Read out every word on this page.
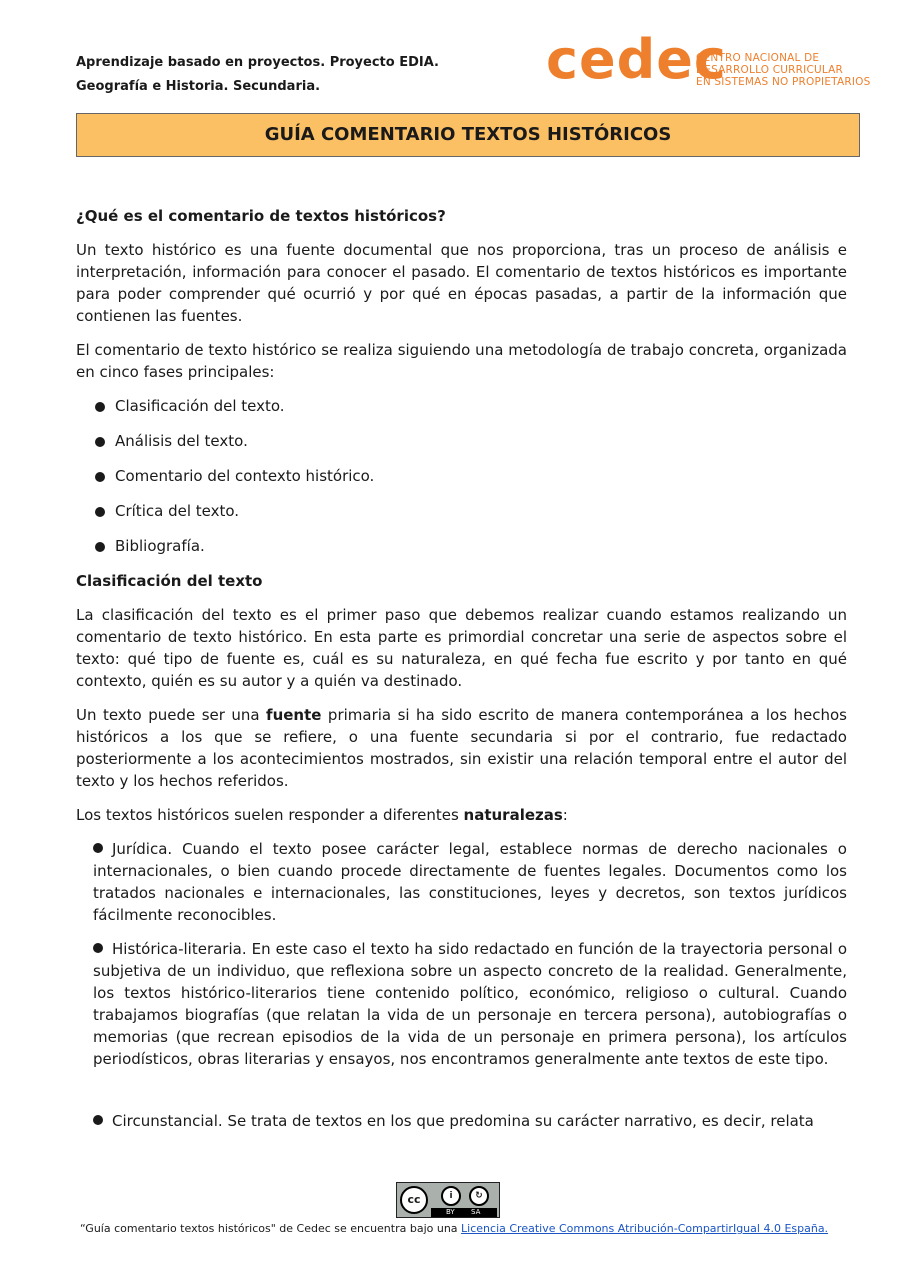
Aprendizaje basado en proyectos. Proyecto EDIA.
Geografía e Historia. Secundaria.	cedec
CENTRO NACIONAL DE
DESARROLLO CURRICULAR
EN SISTEMAS NO PROPIETARIOS
GUÍA COMENTARIO TEXTOS HISTÓRICOS
¿Qué es el comentario de textos históricos?

Un texto histórico es una fuente documental que nos proporciona, tras un proceso de análisis e interpretación, información para conocer el pasado. El comentario de textos históricos es importante para poder comprender qué ocurrió y por qué en épocas pasadas, a partir de la información que contienen las fuentes.

El comentario de texto histórico se realiza siguiendo una metodología de trabajo concreta, organizada en cinco fases principales:

Clasificación del texto.
Análisis del texto.
Comentario del contexto histórico.
Crítica del texto.
Bibliografía.
Clasificación del texto

La clasificación del texto es el primer paso que debemos realizar cuando estamos realizando un comentario de texto histórico. En esta parte es primordial concretar una serie de aspectos sobre el texto: qué tipo de fuente es, cuál es su naturaleza, en qué fecha fue escrito y por tanto en qué contexto, quién es su autor y a quién va destinado.

Un texto puede ser una fuente primaria si ha sido escrito de manera contemporánea a los hechos históricos a los que se refiere, o una fuente secundaria si por el contrario, fue redactado posteriormente a los acontecimientos mostrados, sin existir una relación temporal entre el autor del texto y los hechos referidos.

Los textos históricos suelen responder a diferentes naturalezas:

Jurídica. Cuando el texto posee carácter legal, establece normas de derecho nacionales o internacionales, o bien cuando procede directamente de fuentes legales. Documentos como los tratados nacionales e internacionales, las constituciones, leyes y decretos, son textos jurídicos fácilmente reconocibles.
Histórica-literaria. En este caso el texto ha sido redactado en función de la trayectoria personal o subjetiva de un individuo, que reflexiona sobre un aspecto concreto de la realidad. Generalmente, los textos histórico-literarios tiene contenido político, económico, religioso o cultural. Cuando trabajamos biografías (que relatan la vida de un personaje en tercera persona), autobiografías o memorias (que recrean episodios de la vida de un personaje en primera persona), los artículos periodísticos, obras literarias y ensayos, nos encontramos generalmente ante textos de este tipo.
Circunstancial. Se trata de textos en los que predomina su carácter narrativo, es decir, relata
cc	i	↻
BY SA
“Guía comentario textos históricos" de Cedec se encuentra bajo una Licencia Creative Commons Atribución-CompartirIgual 4.0 España.
